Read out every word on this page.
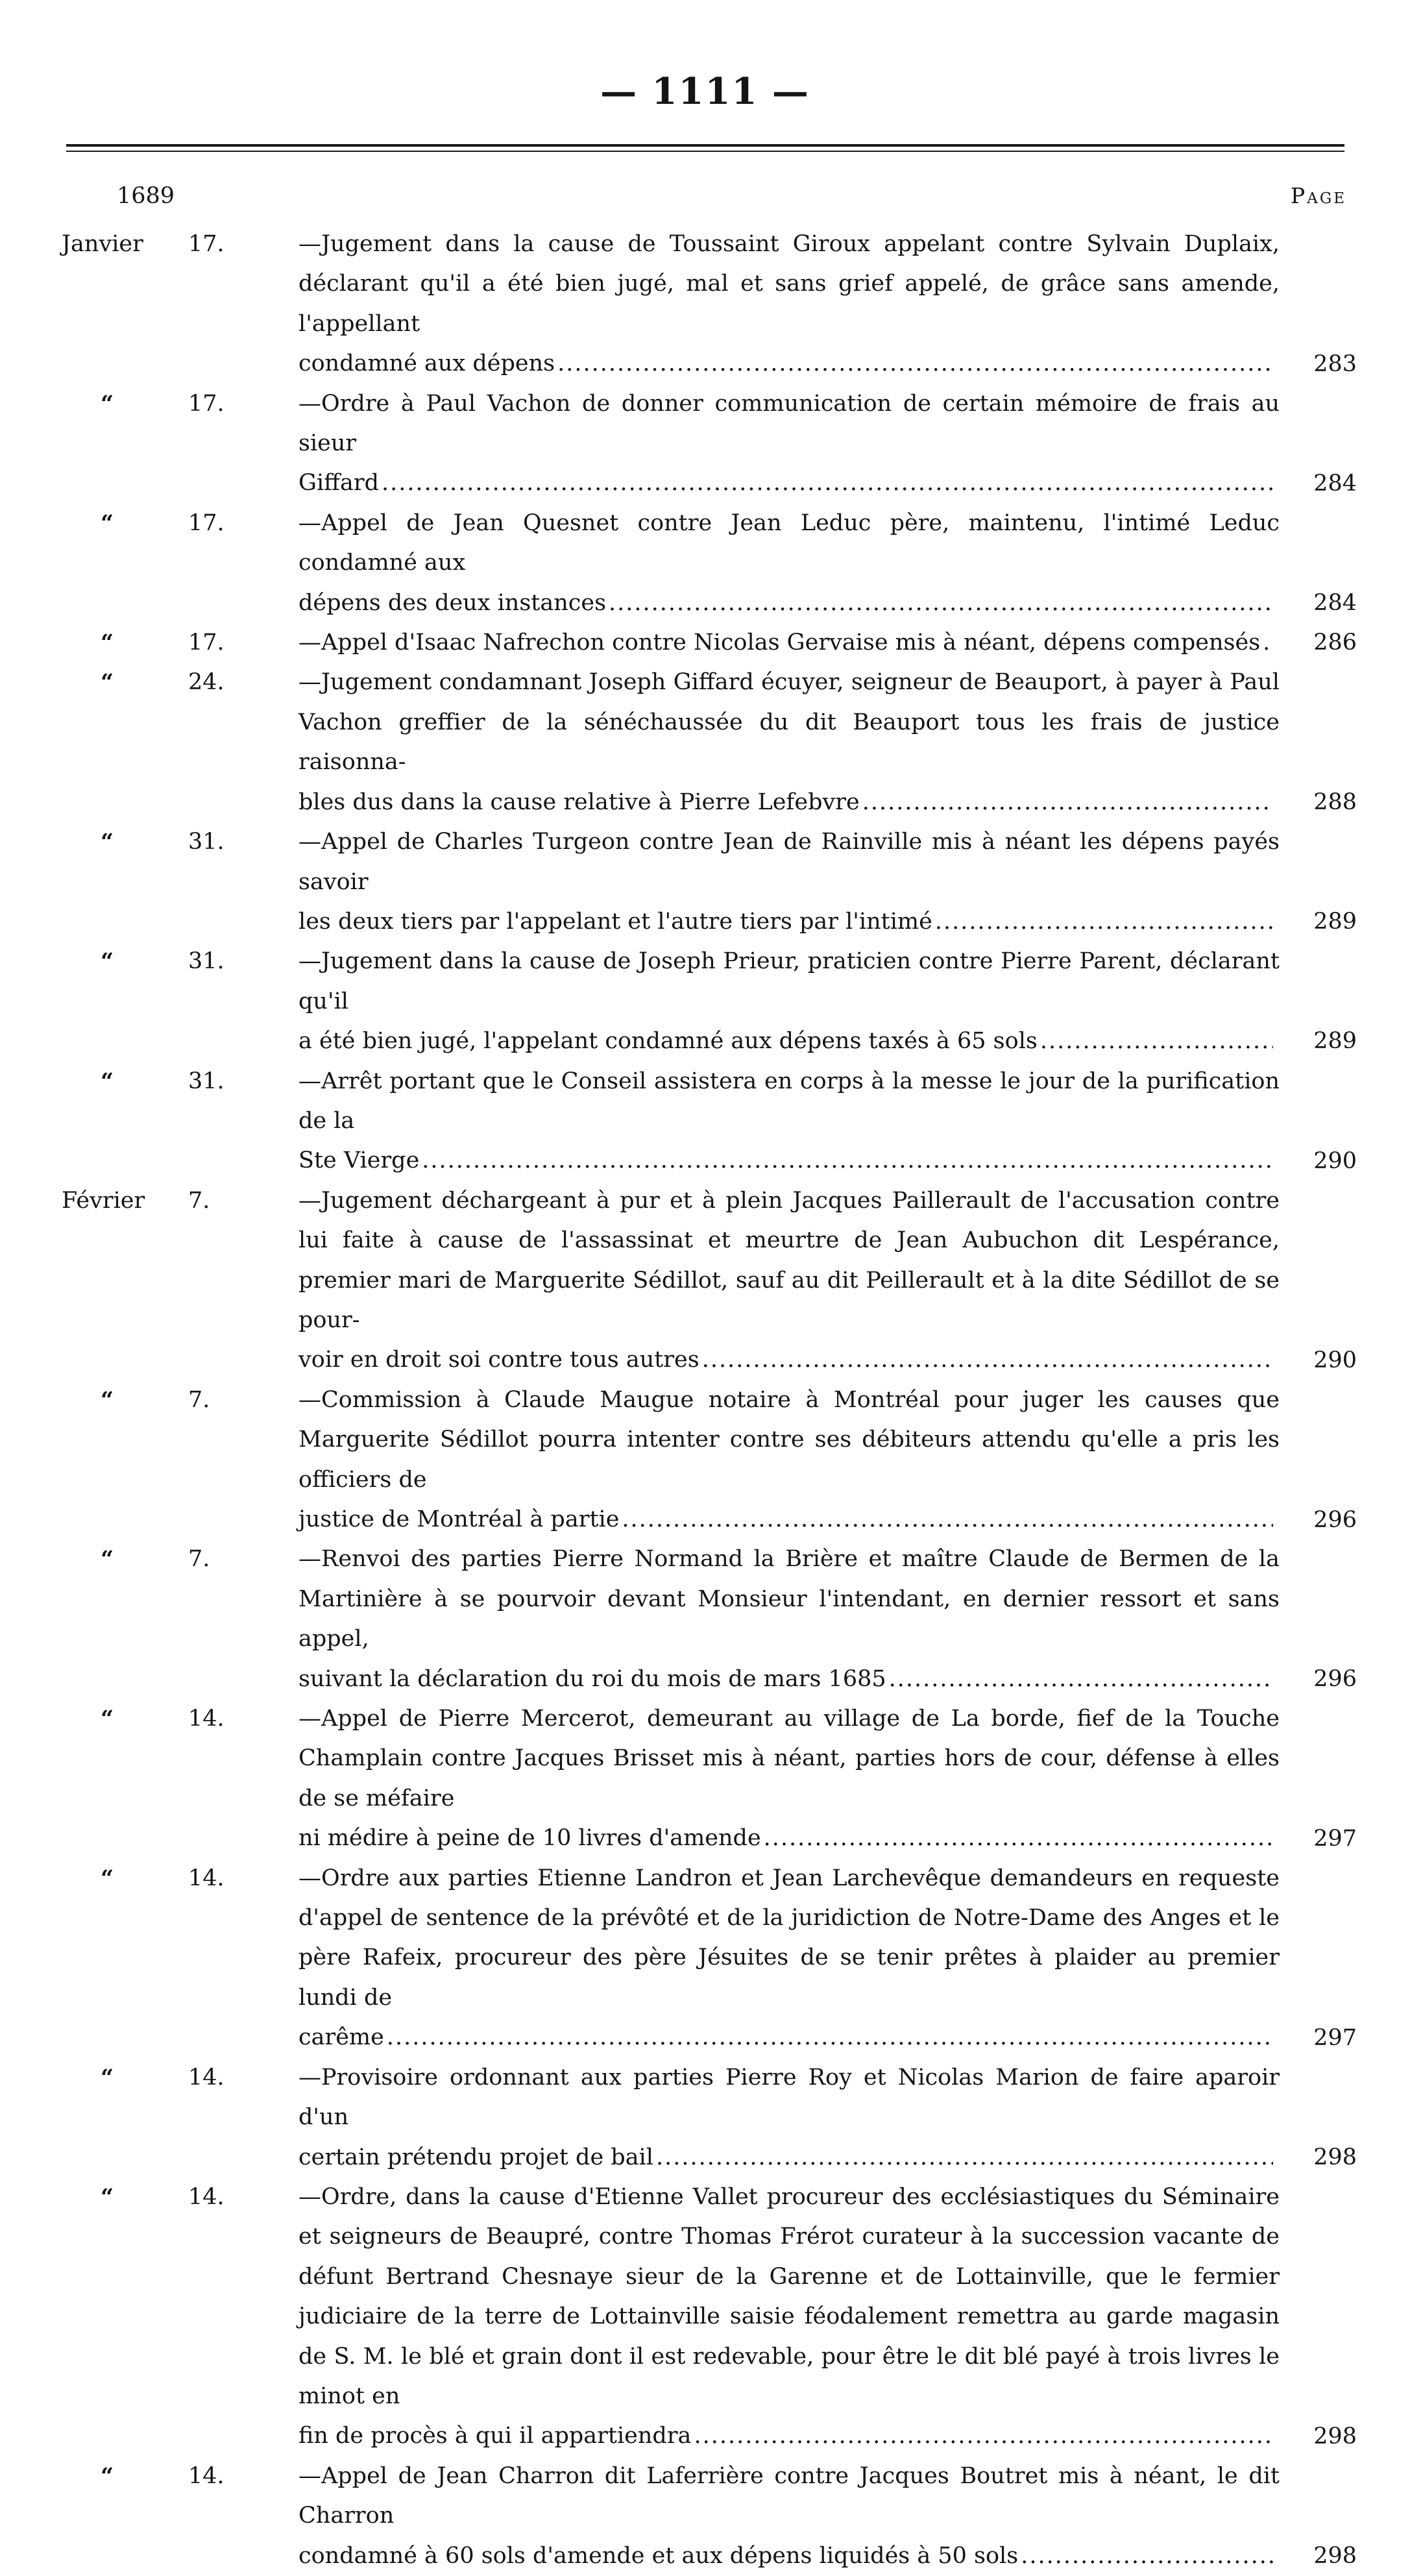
— 1111 —
1689	Page
Janvier 17.	—Jugement dans la cause de Toussaint Giroux appelant contre Sylvain Duplaix, déclarant qu'il a été bien jugé, mal et sans grief appelé, de grâce sans amende, l'appellant
condamné aux dépens .....	283
“	17.	—Ordre à Paul Vachon de donner communication de certain mémoire de frais au sieur
Giffard .....	284
“	17.	—Appel de Jean Quesnet contre Jean Leduc père, maintenu, l'intimé Leduc condamné aux
dépens des deux instances .....	284
“	17.	—Appel d'Isaac Nafrechon contre Nicolas Gervaise mis à néant, dépens compensés ..... 286
“	24.	—Jugement condamnant Joseph Giffard écuyer, seigneur de Beauport, à payer à Paul Vachon greffier de la sénéchaussée du dit Beauport tous les frais de justice raisonna-
bles dus dans la cause relative à Pierre Lefebvre .....	288
“	31.	—Appel de Charles Turgeon contre Jean de Rainville mis à néant les dépens payés savoir
les deux tiers par l'appelant et l'autre tiers par l'intimé .....	289
“	31.	—Jugement dans la cause de Joseph Prieur, praticien contre Pierre Parent, déclarant qu'il
a été bien jugé, l'appelant condamné aux dépens taxés à 65 sols .....	289
“	31.	—Arrêt portant que le Conseil assistera en corps à la messe le jour de la purification de la
Ste Vierge .....	290
Février 7.	—Jugement déchargeant à pur et à plein Jacques Paillerault de l'accusation contre lui faite à cause de l'assassinat et meurtre de Jean Aubuchon dit Lespérance, premier mari de Marguerite Sédillot, sauf au dit Peillerault et à la dite Sédillot de se pour-
voir en droit soi contre tous autres .....	290
“	7.	—Commission à Claude Maugue notaire à Montréal pour juger les causes que Marguerite Sédillot pourra intenter contre ses débiteurs attendu qu'elle a pris les officiers de
justice de Montréal à partie .....	296
“	7.	—Renvoi des parties Pierre Normand la Brière et maître Claude de Bermen de la Martinière à se pourvoir devant Monsieur l'intendant, en dernier ressort et sans appel,
suivant la déclaration du roi du mois de mars 1685 .....	296
“	14.	—Appel de Pierre Mercerot, demeurant au village de La borde, fief de la Touche Champlain contre Jacques Brisset mis à néant, parties hors de cour, défense à elles de se méfaire
ni médire à peine de 10 livres d'amende .....	297
“	14.	—Ordre aux parties Etienne Landron et Jean Larchevêque demandeurs en requeste d'appel de sentence de la prévôté et de la juridiction de Notre-Dame des Anges et le père Rafeix, procureur des père Jésuites de se tenir prêtes à plaider au premier lundi de
carême .....	297
“	14.	—Provisoire ordonnant aux parties Pierre Roy et Nicolas Marion de faire aparoir d'un
certain prétendu projet de bail .....	298
“	14.	—Ordre, dans la cause d'Etienne Vallet procureur des ecclésiastiques du Séminaire et seigneurs de Beaupré, contre Thomas Frérot curateur à la succession vacante de défunt Bertrand Chesnaye sieur de la Garenne et de Lottainville, que le fermier judiciaire de la terre de Lottainville saisie féodalement remettra au garde magasin de S. M. le blé et grain dont il est redevable, pour être le dit blé payé à trois livres le minot en
fin de procès à qui il appartiendra .....	298
“	14.	—Appel de Jean Charron dit Laferrière contre Jacques Boutret mis à néant, le dit Charron
condamné à 60 sols d'amende et aux dépens liquidés à 50 sols .....	298
